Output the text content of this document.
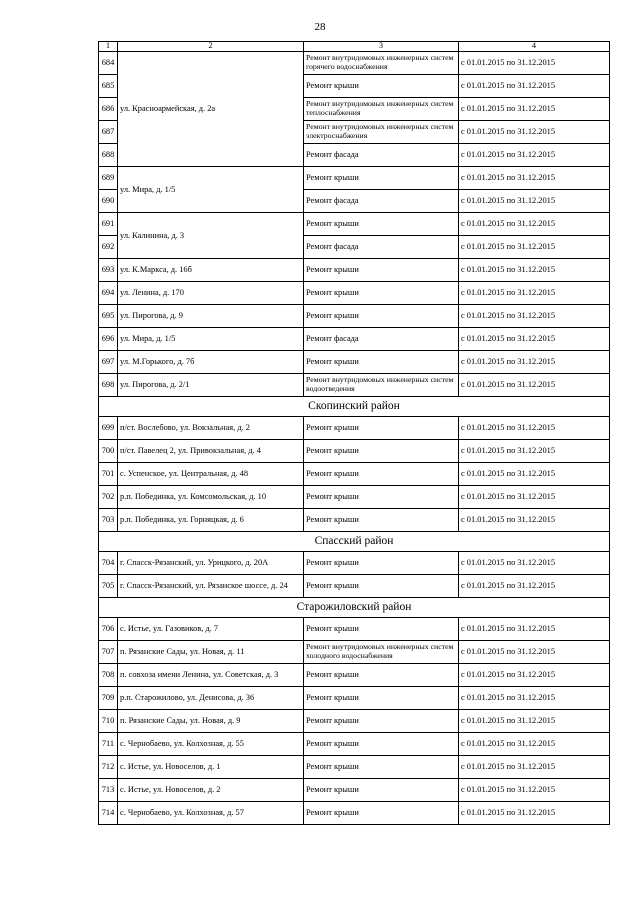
28
1	2	3	4
684	ул. Красноармейская, д. 2а	Ремонт внутридомовых инженерных систем горячего водоснабжения	с 01.01.2015 по 31.12.2015
685		Ремонт крыши	с 01.01.2015 по 31.12.2015
686		Ремонт внутридомовых инженерных систем теплоснабжения	с 01.01.2015 по 31.12.2015
687		Ремонт внутридомовых инженерных систем электроснабжения	с 01.01.2015 по 31.12.2015
688		Ремонт фасада	с 01.01.2015 по 31.12.2015
689	ул. Мира, д. 1/5	Ремонт крыши	с 01.01.2015 по 31.12.2015
690		Ремонт фасада	с 01.01.2015 по 31.12.2015
691	ул. Калинина, д. 3	Ремонт крыши	с 01.01.2015 по 31.12.2015
692		Ремонт фасада	с 01.01.2015 по 31.12.2015
693	ул. К.Маркса, д. 16б	Ремонт крыши	с 01.01.2015 по 31.12.2015
694	ул. Ленина, д. 170	Ремонт крыши	с 01.01.2015 по 31.12.2015
695	ул. Пирогова, д. 9	Ремонт крыши	с 01.01.2015 по 31.12.2015
696	ул. Мира, д. 1/5	Ремонт фасада	с 01.01.2015 по 31.12.2015
697	ул. М.Горького, д. 7б	Ремонт крыши	с 01.01.2015 по 31.12.2015
698	ул. Пирогова, д. 2/1	Ремонт внутридомовых инженерных систем водоотведения	с 01.01.2015 по 31.12.2015
Скопинский район			
699	п/ст. Вослебово, ул. Вокзальная, д. 2	Ремонт крыши	с 01.01.2015 по 31.12.2015
700	п/ст. Павелец 2, ул. Привокзальная, д. 4	Ремонт крыши	с 01.01.2015 по 31.12.2015
701	с. Успенское, ул. Центральная, д. 48	Ремонт крыши	с 01.01.2015 по 31.12.2015
702	р.п. Побединка, ул. Комсомольская, д. 10	Ремонт крыши	с 01.01.2015 по 31.12.2015
703	р.п. Побединка, ул. Горняцкая, д. 6	Ремонт крыши	с 01.01.2015 по 31.12.2015
Спасский район			
704	г. Спасск-Рязанский, ул. Урицкого, д. 20А	Ремонт крыши	с 01.01.2015 по 31.12.2015
705	г. Спасск-Рязанский, ул. Рязанское шоссе, д. 24	Ремонт крыши	с 01.01.2015 по 31.12.2015
Старожиловский район			
706	с. Истье, ул. Газовиков, д. 7	Ремонт крыши	с 01.01.2015 по 31.12.2015
707	п. Рязанские Сады, ул. Новая, д. 11	Ремонт внутридомовых инженерных систем холодного водоснабжения	с 01.01.2015 по 31.12.2015
708	п. совхоза имени Ленина, ул. Советская, д. 3	Ремонт крыши	с 01.01.2015 по 31.12.2015
709	р.п. Старожилово, ул. Денисова, д. 36	Ремонт крыши	с 01.01.2015 по 31.12.2015
710	п. Рязанские Сады, ул. Новая, д. 9	Ремонт крыши	с 01.01.2015 по 31.12.2015
711	с. Чернобаево, ул. Колхозная, д. 55	Ремонт крыши	с 01.01.2015 по 31.12.2015
712	с. Истье, ул. Новоселов, д. 1	Ремонт крыши	с 01.01.2015 по 31.12.2015
713	с. Истье, ул. Новоселов, д. 2	Ремонт крыши	с 01.01.2015 по 31.12.2015
714	с. Чернобаево, ул. Колхозная, д. 57	Ремонт крыши	с 01.01.2015 по 31.12.2015
